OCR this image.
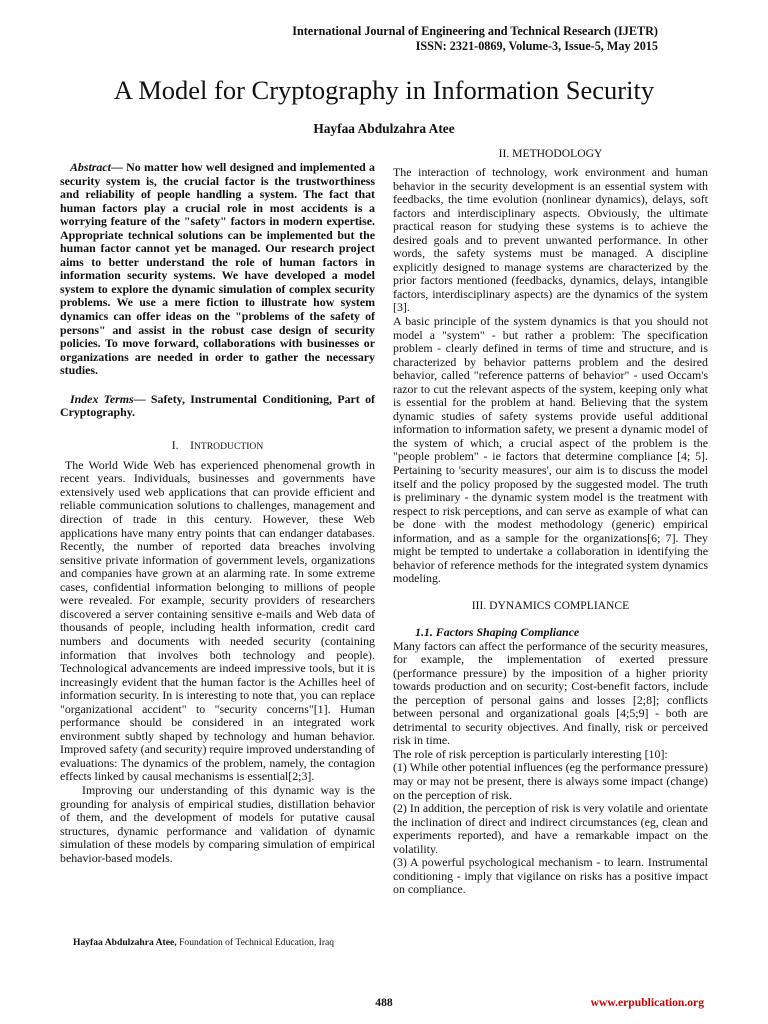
International Journal of Engineering and Technical Research (IJETR)
ISSN: 2321-0869, Volume-3, Issue-5, May 2015
A Model for Cryptography in Information Security
Hayfaa Abdulzahra Atee

Abstract— No matter how well designed and implemented a security system is, the crucial factor is the trustworthiness and reliability of people handling a system. The fact that human factors play a crucial role in most accidents is a worrying feature of the "safety" factors in modern expertise. Appropriate technical solutions can be implemented but the human factor cannot yet be managed. Our research project aims to better understand the role of human factors in information security systems. We have developed a model system to explore the dynamic simulation of complex security problems. We use a mere fiction to illustrate how system dynamics can offer ideas on the "problems of the safety of persons" and assist in the robust case design of security policies. To move forward, collaborations with businesses or organizations are needed in order to gather the necessary studies.

Index Terms— Safety, Instrumental Conditioning, Part of Cryptography.

I. INTRODUCTION

The World Wide Web has experienced phenomenal growth in recent years. Individuals, businesses and governments have extensively used web applications that can provide efficient and reliable communication solutions to challenges, management and direction of trade in this century. However, these Web applications have many entry points that can endanger databases. Recently, the number of reported data breaches involving sensitive private information of government levels, organizations and companies have grown at an alarming rate. In some extreme cases, confidential information belonging to millions of people were revealed. For example, security providers of researchers discovered a server containing sensitive e-mails and Web data of thousands of people, including health information, credit card numbers and documents with needed security (containing information that involves both technology and people). Technological advancements are indeed impressive tools, but it is increasingly evident that the human factor is the Achilles heel of information security. In is interesting to note that, you can replace "organizational accident" to "security concerns"[1]. Human performance should be considered in an integrated work environment subtly shaped by technology and human behavior. Improved safety (and security) require improved understanding of evaluations: The dynamics of the problem, namely, the contagion effects linked by causal mechanisms is essential[2;3].

Improving our understanding of this dynamic way is the grounding for analysis of empirical studies, distillation behavior of them, and the development of models for putative causal structures, dynamic performance and validation of dynamic simulation of these models by comparing simulation of empirical behavior-based models.

II. METHODOLOGY

The interaction of technology, work environment and human behavior in the security development is an essential system with feedbacks, the time evolution (nonlinear dynamics), delays, soft factors and interdisciplinary aspects. Obviously, the ultimate practical reason for studying these systems is to achieve the desired goals and to prevent unwanted performance. In other words, the safety systems must be managed. A discipline explicitly designed to manage systems are characterized by the prior factors mentioned (feedbacks, dynamics, delays, intangible factors, interdisciplinary aspects) are the dynamics of the system [3].

A basic principle of the system dynamics is that you should not model a "system" - but rather a problem: The specification problem - clearly defined in terms of time and structure, and is characterized by behavior patterns problem and the desired behavior, called "reference patterns of behavior" - used Occam's razor to cut the relevant aspects of the system, keeping only what is essential for the problem at hand. Believing that the system dynamic studies of safety systems provide useful additional information to information safety, we present a dynamic model of the system of which, a crucial aspect of the problem is the "people problem" - ie factors that determine compliance [4; 5]. Pertaining to 'security measures', our aim is to discuss the model itself and the policy proposed by the suggested model. The truth is preliminary - the dynamic system model is the treatment with respect to risk perceptions, and can serve as example of what can be done with the modest methodology (generic) empirical information, and as a sample for the organizations[6; 7]. They might be tempted to undertake a collaboration in identifying the behavior of reference methods for the integrated system dynamics modeling.

III. DYNAMICS COMPLIANCE
1.1. Factors Shaping Compliance

Many factors can affect the performance of the security measures, for example, the implementation of exerted pressure (performance pressure) by the imposition of a higher priority towards production and on security; Cost-benefit factors, include the perception of personal gains and losses [2;8]; conflicts between personal and organizational goals [4;5;9] - both are detrimental to security objectives. And finally, risk or perceived risk in time.

The role of risk perception is particularly interesting [10]:

(1) While other potential influences (eg the performance pressure) may or may not be present, there is always some impact (change) on the perception of risk.

(2) In addition, the perception of risk is very volatile and orientate the inclination of direct and indirect circumstances (eg, clean and experiments reported), and have a remarkable impact on the volatility.

(3) A powerful psychological mechanism - to learn. Instrumental conditioning - imply that vigilance on risks has a positive impact on compliance.

Hayfaa Abdulzahra Atee, Foundation of Technical Education, Iraq
488	www.erpublication.org
